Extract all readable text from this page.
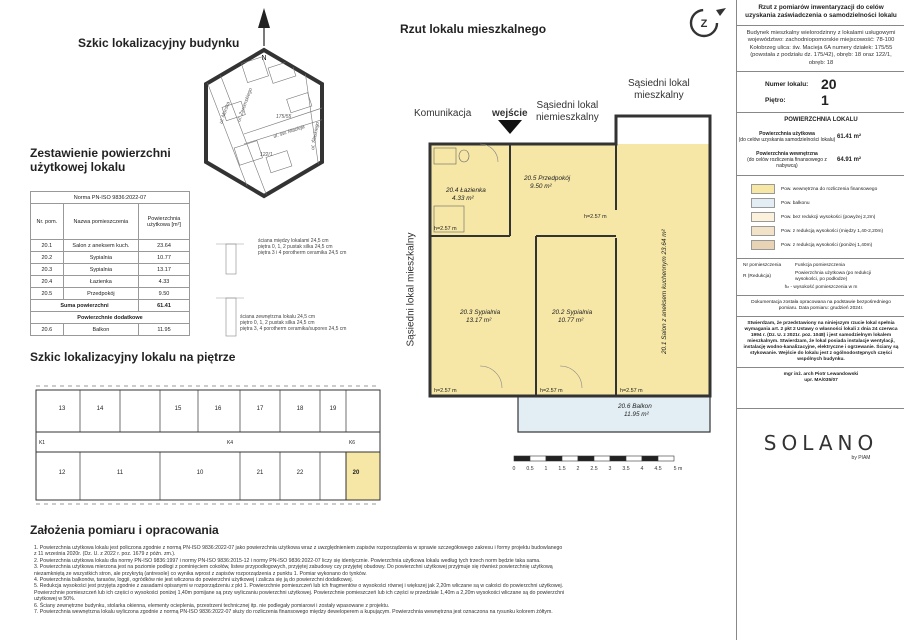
Szkic lokalizacyjny budynku
N
ul. Morska ul. Żeromskiego
ul. św. Macieja ul. Ślaskiego
175/55
122/1
Zestawienie powierzchni
użytkowej lokalu
Norma PN-ISO 9836:2022-07		
Nr. pom.	Nazwa pomieszczenia	Powierzchnia użytkowa [m²]
20.1	Salon z aneksem kuch.	23.64
20.2	Sypialnia	10.77
20.3	Sypialnia	13.17
20.4	Łazienka	4.33
20.5	Przedpokój	9.50
Suma powierzchni		61.41
Powierzchnie dodatkowe		
20.6	Balkon	11.95
ściana między lokalami 24,5 cm
piętra 0, 1, 2 pustak silka 24,5 cm
piętra 3 i 4 porotherm ceramika 24,5 cm
ściana zewnętrzna lokalu 24,5 cm
piętro 0, 1, 2 pustak silka 24,5 cm
piętra 3, 4 porotherm ceramika/suporex 24,5 cm
Szkic lokalizacyjny lokalu na piętrze
13	14	15	16	17	18	19
12	11	10	21	22	20
K1	K6
K4
Założenia pomiaru i opracowania
1. Powierzchnia użytkowa lokalu jest policzona zgodnie z normą PN-ISO 9836:2022-07 jako powierzchnia użytkowa wraz z uwzględnieniem zapisów rozporządzenia w sprawie szczegółowego zakresu i formy projektu budowlanego
z 11 września 2020r. (Dz. U. z 2022 r. poz. 1679 z późn. zm.).
2. Powierzchnia użytkowa lokalu dla normy PN-ISO 9836:1997 i normy PN-ISO 9836:2015-12 i normy PN-ISO 9836:2022-07 liczy się identycznie. Powierzchnia użytkowa lokalu według tych trzech norm będzie taka sama.
3. Powierzchnia użytkowa mierzona jest na poziomie podłogi z pominięciem cokołów, listew przypodłogowych, przyjętej zabudowy czy przyjętej obudowy. Do powierzchni użytkowej przyjmuje się również powierzchnię użytkową
niezamkniętą ze wszystkich stron, ale przykrytą (antresole) co wynika wprost z zapisów rozporządzenia z punktu 1. Pomiar wykonano do tynków.
4. Powierzchnia balkonów, tarasów, loggii, ogródków nie jest wliczona do powierzchni użytkowej i zalicza się ją do powierzchni dodatkowej.
5. Redukcja wysokości jest przyjęta zgodnie z zasadami opisanymi w rozporządzeniu z pkt 1. Powierzchnie pomieszczeń lub ich fragmentów o wysokości równej i większej jak 2,20m wliczane są w całości do powierzchni użytkowej.
Powierzchnie pomieszczeń lub ich części o wysokości poniżej 1,40m pomijane są przy wyliczaniu powierzchni użytkowej. Powierzchnie pomieszczeń lub ich części w przedziale 1,40m a 2,20m wysokości wliczane są do powierzchni
użytkowej w 50%.
6. Ściany zewnętrzne budynku, stolarka okienna, elementy ocieplenia, przestrzeni technicznej itp. nie podlegały pomiarowi i zostały wpasowane z projektu.
7. Powierzchnia wewnętrzna lokalu wyliczona zgodnie z normą PN-ISO 9836:2022-07 służy do rozliczenia finansowego między deweloperem a kupującym. Powierzchnia wewnętrzna jest oznaczona na rysunku kolorem żółtym.
Rzut lokalu mieszkalnego	Z
Komunikacja wejście
Sąsiedni lokal
niemieszkalny
Sąsiedni lokal
mieszkalny
Sąsiedni lokal mieszkalny
20.4 Łazienka
4.33 m²
20.5 Przedpokój
9.50 m²
20.1 Salon z aneksem kuchennym 23.64 m²
20.3 Sypialnia
13.17 m²
20.2 Sypialnia
10.77 m²
20.6 Balkon
11.95 m²
h=2.57 m
h=2.57 m
h=2.57 m	h=2.57 m	h=2.57 m
0 0.5 1 1.5 2 2.5 3 3.5 4 4.5 5 m
Rzut z pomiarów inwentaryzacji do celów uzyskania zaświadczenia o samodzielności lokalu
Budynek mieszkalny wielorodzinny z lokalami usługowymi województwo: zachodniopomorskie miejscowość: 78-100 Kołobrzeg ulica: św. Macieja 6A numery działek: 175/55 (powstała z podziału dz. 175/42), obręb: 18 oraz 122/1, obręb: 18
Numer lokalu: 20
Piętro:	1
POWIERZCHNIA LOKALU
Powierzchnia użytkowa
(do celów uzyskania samodzielności lokalu) 61.41 m²
Powierzchnia wewnętrzna
(do celów rozliczenia finansowego z nabywcą)
64.91 m²
Pow. wewnętrzna do rozliczenia finansowego
Pow. balkonu
Pow. bez redukcji wysokości (powyżej 2,2m)
Pow. z redukcją wysokości (między 1,40-2,20m)
Pow. z redukcją wysokości (poniżej 1,40m)
Nr pomieszczenia	Funkcja pomieszczenia
R (Redukcja)
Powierzchnia użytkowa (po redukcji wysokości, po podłodze)
hₙ - wysokość pomieszczenia w m
Dokumentacja została opracowana na podstawie bezpośredniego pomiaru. Data pomiaru: grudzień 2024r.
Stwierdzam, że przedstawiony na niniejszym rzucie lokal spełnia wymagania art. 2 pkt 2 Ustawy o własności lokali z dnia 24 czerwca 1994 r. (Dz. U. z 2021r. poz. 1048) i jest samodzielnym lokalem mieszkalnym. Stwierdzam, że lokal posiada instalacje wentylacji, instalację wodno-kanalizacyjne, elektryczne i ogrzewanie. Ściany są stykowanie. Wejście do lokalu jest z ogólnodostępnych części wspólnych budynku.
mgr inż. arch Piotr Lewandowski
upr. MA/035/07
SOLANO
by PIAM
